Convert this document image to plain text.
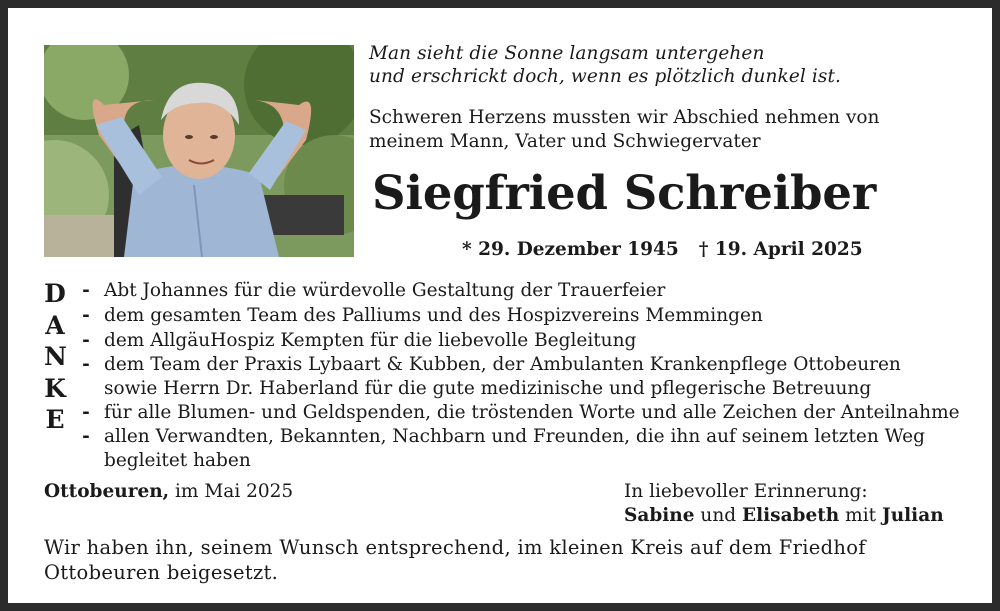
Man sieht die Sonne langsam untergehen
und erschrickt doch, wenn es plötzlich dunkel ist.
Schweren Herzens mussten wir Abschied nehmen von
meinem Mann, Vater und Schwiegervater
Siegfried Schreiber
* 29. Dezember 1945 † 19. April 2025
D
A
N
K
E
- Abt Johannes für die würdevolle Gestaltung der Trauerfeier
- dem gesamten Team des Palliums und des Hospizvereins Memmingen
- dem AllgäuHospiz Kempten für die liebevolle Begleitung
- dem Team der Praxis Lybaart & Kubben, der Ambulanten Krankenpflege Ottobeuren
sowie Herrn Dr. Haberland für die gute medizinische und pflegerische Betreuung
- für alle Blumen- und Geldspenden, die tröstenden Worte und alle Zeichen der Anteilnahme
- allen Verwandten, Bekannten, Nachbarn und Freunden, die ihn auf seinem letzten Weg
begleitet haben
Ottobeuren, im Mai 2025	In liebevoller Erinnerung:
Sabine und Elisabeth mit Julian
Wir haben ihn, seinem Wunsch entsprechend, im kleinen Kreis auf dem Friedhof
Ottobeuren beigesetzt.
